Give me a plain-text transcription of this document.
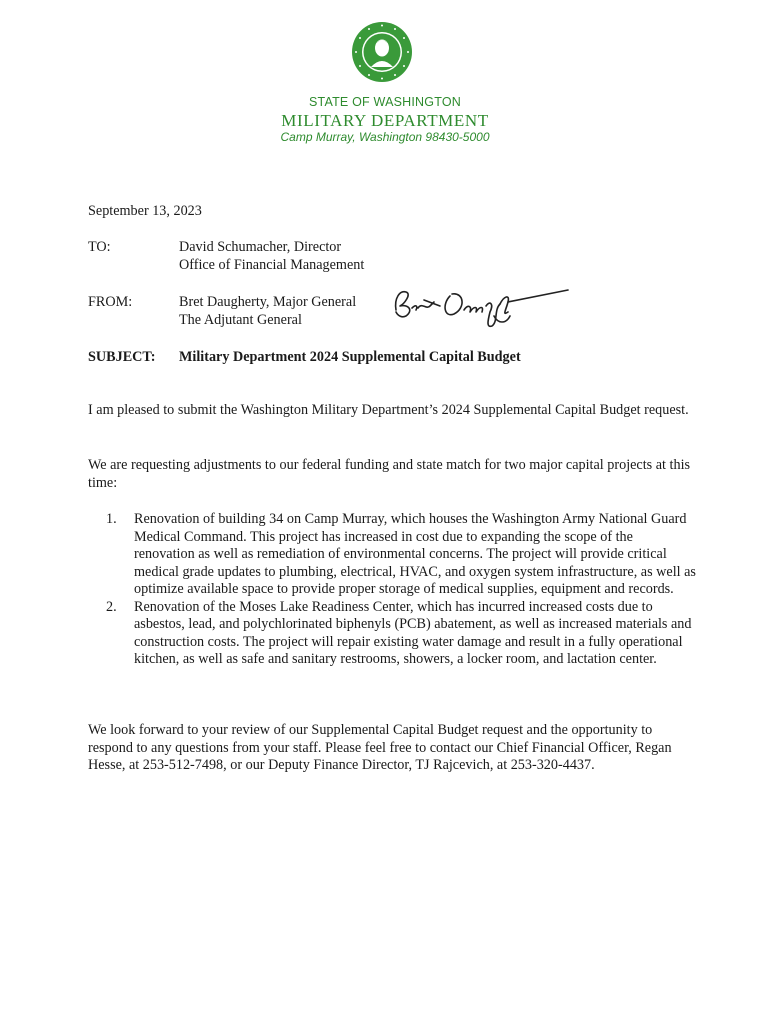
STATE OF WASHINGTON
MILITARY DEPARTMENT
Camp Murray, Washington 98430-5000
September 13, 2023
TO:	David Schumacher, Director
Office of Financial Management
FROM:	Bret Daugherty, Major General
The Adjutant General
SUBJECT: Military Department 2024 Supplemental Capital Budget
I am pleased to submit the Washington Military Department’s 2024 Supplemental Capital Budget request.
We are requesting adjustments to our federal funding and state match for two major capital projects at this time:
1. Renovation of building 34 on Camp Murray, which houses the Washington Army National Guard Medical Command. This project has increased in cost due to expanding the scope of the renovation as well as remediation of environmental concerns. The project will provide critical medical grade updates to plumbing, electrical, HVAC, and oxygen system infrastructure, as well as optimize available space to provide proper storage of medical supplies, equipment and records.
2. Renovation of the Moses Lake Readiness Center, which has incurred increased costs due to asbestos, lead, and polychlorinated biphenyls (PCB) abatement, as well as increased materials and construction costs. The project will repair existing water damage and result in a fully operational kitchen, as well as safe and sanitary restrooms, showers, a locker room, and lactation center.
We look forward to your review of our Supplemental Capital Budget request and the opportunity to respond to any questions from your staff. Please feel free to contact our Chief Financial Officer, Regan Hesse, at 253-512-7498, or our Deputy Finance Director, TJ Rajcevich, at 253-320-4437.
